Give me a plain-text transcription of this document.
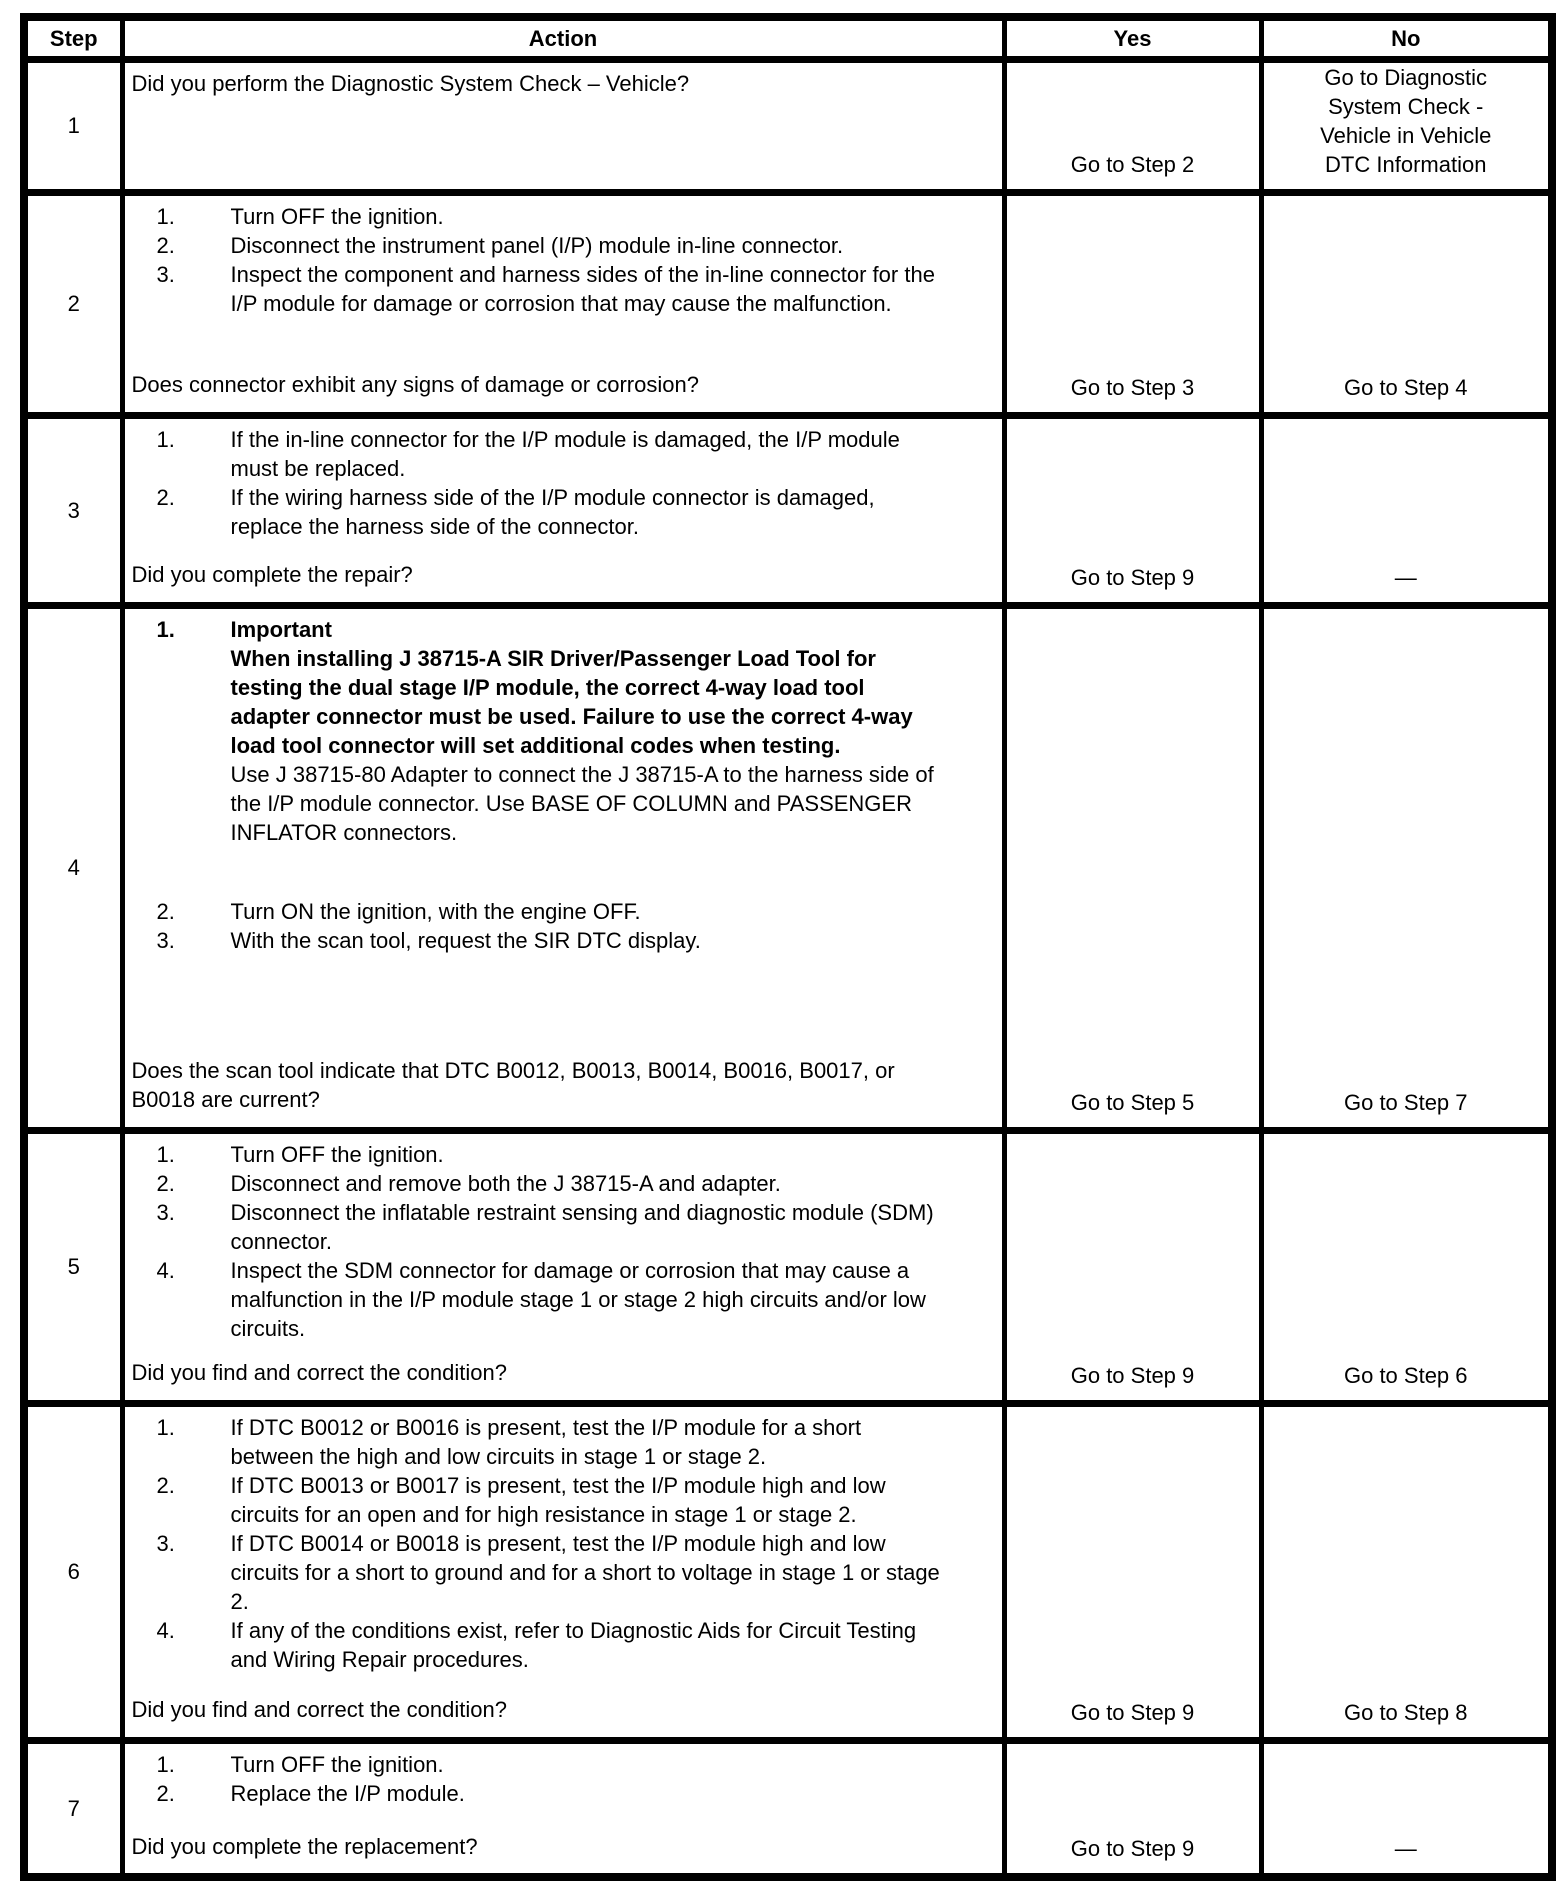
Step	Action	Yes	No
1	Did you perform the Diagnostic System Check – Vehicle?	Go to Step 2	Go to Diagnostic System Check - Vehicle in Vehicle DTC Information

2	
1.	Turn OFF the ignition.
2.	Disconnect the instrument panel (I/P) module in-line connector.
3.	Inspect the component and harness sides of the in-line connector for the I/P module for damage or corrosion that may cause the malfunction.
Does connector exhibit any signs of damage or corrosion?	Go to Step 3	Go to Step 4

3	1. If the in-line connector for the I/P module is damaged, the I/P module must be replaced.
2. If the wiring harness side of the I/P module connector is damaged, replace the harness side of the connector.
Did you complete the repair?	Go to Step 9	—

4	
1.	Important

When installing J 38715-A SIR Driver/Passenger Load Tool for testing the dual stage I/P module, the correct 4-way load tool adapter connector must be used. Failure to use the correct 4-way load tool connector will set additional codes when testing.

Use J 38715-80 Adapter to connect the J 38715-A to the harness side of the I/P module connector. Use BASE OF COLUMN and PASSENGER INFLATOR connectors.

2.	Turn ON the ignition, with the engine OFF.
3.	With the scan tool, request the SIR DTC display.
Does the scan tool indicate that DTC B0012, B0013, B0014, B0016, B0017, or B0018 are current?	Go to Step 5	Go to Step 7

5	
1.	Turn OFF the ignition.
2.	Disconnect and remove both the J 38715-A and adapter.
3.	Disconnect the inflatable restraint sensing and diagnostic module (SDM) connector.
4.	Inspect the SDM connector for damage or corrosion that may cause a malfunction in the I/P module stage 1 or stage 2 high circuits and/or low circuits.
Did you find and correct the condition?	Go to Step 9	Go to Step 6

6	
1.	If DTC B0012 or B0016 is present, test the I/P module for a short between the high and low circuits in stage 1 or stage 2.
2.	If DTC B0013 or B0017 is present, test the I/P module high and low circuits for an open and for high resistance in stage 1 or stage 2.
3.	If DTC B0014 or B0018 is present, test the I/P module high and low circuits for a short to ground and for a short to voltage in stage 1 or stage 2.
4.	If any of the conditions exist, refer to Diagnostic Aids for Circuit Testing and Wiring Repair procedures.
Did you find and correct the condition?	Go to Step 9	Go to Step 8

7	1. Turn OFF the ignition.
2. Replace the I/P module.
Did you complete the replacement?	Go to Step 9	—
